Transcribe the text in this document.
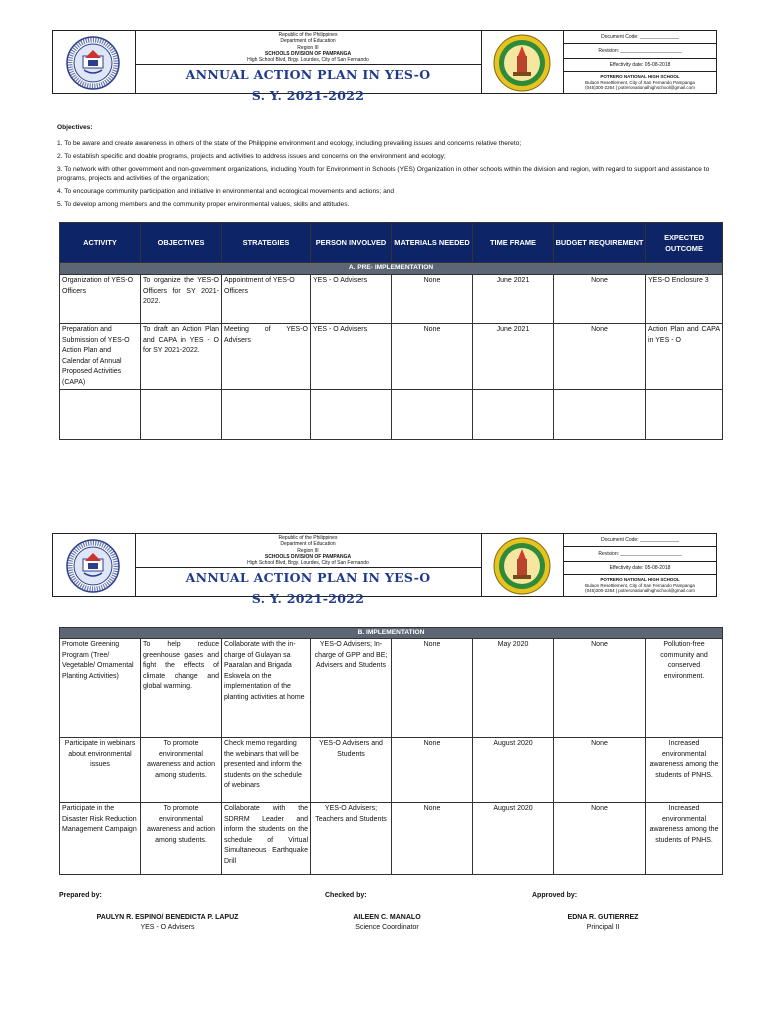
Republic of the Philippines
Department of Education
Region III
SCHOOLS DIVISION OF PAMPANGA
High School Blvd, Brgy. Lourdes, City of San Fernando
ANNUAL ACTION PLAN IN YES-O
S. Y. 2021-2022
Document Code: ______________
Revision: ______________________
Effectivity date: 05-08-2018
POTRERO NATIONAL HIGH SCHOOL
Bulaon Resettlement, City of San Fernando Pampanga
(045)300-2264 | potreronationalhighschool@gmail.com
Objectives:
1. To be aware and create awareness in others of the state of the Philippine environment and ecology, including prevailing issues and concerns relative thereto;
2. To establish specific and doable programs, projects and activities to address issues and concerns on the environment and ecology;
3. To network with other government and non-government organizations, including Youth for Environment in Schools (YES) Organization in other schools within the division and region, with regard to support and assistance to programs, projects and activities of the organization;
4. To encourage community participation and initiative in environmental and ecological movements and actions; and
5. To develop among members and the community proper environmental values, skills and attitudes.
ACTIVITY	OBJECTIVES	STRATEGIES	PERSON INVOLVED	MATERIALS NEEDED	TIME FRAME	BUDGET REQUIREMENT	EXPECTED OUTCOME
A. PRE- IMPLEMENTATION							
Organization of YES-O Officers	To organize the YES-O Officers for SY 2021-2022.	Appointment of YES-O Officers	YES - O Advisers	None	June 2021	None	YES-O Enclosure 3
Preparation and Submission of YES-O Action Plan and Calendar of Annual Proposed Activities (CAPA)	To draft an Action Plan and CAPA in YES - O for SY 2021-2022.	Meeting of YES-O Advisers	YES - O Advisers	None	June 2021	None	Action Plan and CAPA in YES - O

Republic of the Philippines
Department of Education
Region III
SCHOOLS DIVISION OF PAMPANGA
High School Blvd, Brgy. Lourdes, City of San Fernando
ANNUAL ACTION PLAN IN YES-O
S. Y. 2021-2022
Document Code: ______________
Revision: ______________________
Effectivity date: 05-08-2018
POTRERO NATIONAL HIGH SCHOOL
Bulaon Resettlement, City of San Fernando Pampanga
(045)300-2264 | potreronationalhighschool@gmail.com
B. IMPLEMENTATION							
Promote Greening Program (Tree/ Vegetable/ Ornamental Planting Activities)	To help reduce greenhouse gases and fight the effects of climate change and global warming.	Collaborate with the in-charge of Gulayan sa Paaralan and Brigada Eskwela on the implementation of the planting activities at home	YES-O Advisers; In-charge of GPP and BE; Advisers and Students	None	May 2020	None	Pollution-free community and conserved environment.
Participate in webinars about environmental issues	To promote environmental awareness and action among students.	Check memo regarding the webinars that will be presented and inform the students on the schedule of webinars	YES-O Advisers and Students	None	August 2020	None	Increased environmental awareness among the students of PNHS.
Participate in the Disaster Risk Reduction Management Campaign	To promote environmental awareness and action among students.	Collaborate with the SDRRM Leader and inform the students on the schedule of Virtual Simultaneous Earthquake Drill	YES-O Advisers; Teachers and Students	None	August 2020	None	Increased environmental awareness among the students of PNHS.
Prepared by:	Checked by:	Approved by:
PAULYN R. ESPINO/ BENEDICTA P. LAPUZ
YES - O Advisers
AILEEN C. MANALO
Science Coordinator
EDNA R. GUTIERREZ
Principal II
